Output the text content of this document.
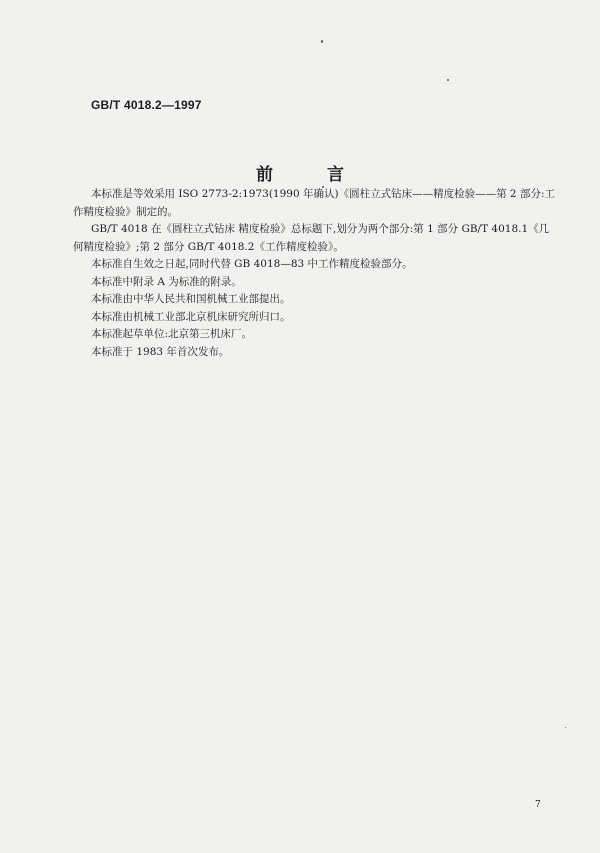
GB/T 4018.2—1997
前 言

本标准是等效采用 ISO 2773-2:1973(1990 年确认)《圆柱立式钻床——精度检验——第 2 部分:工
作精度检验》制定的。

GB/T 4018 在《圆柱立式钻床 精度检验》总标题下,划分为两个部分:第 1 部分 GB/T 4018.1《几
何精度检验》;第 2 部分 GB/T 4018.2《工作精度检验》。

本标准自生效之日起,同时代替 GB 4018—83 中工作精度检验部分。

本标准中附录 A 为标准的附录。

本标准由中华人民共和国机械工业部提出。

本标准由机械工业部北京机床研究所归口。

本标准起草单位:北京第三机床厂。

本标准于 1983 年首次发布。

7
